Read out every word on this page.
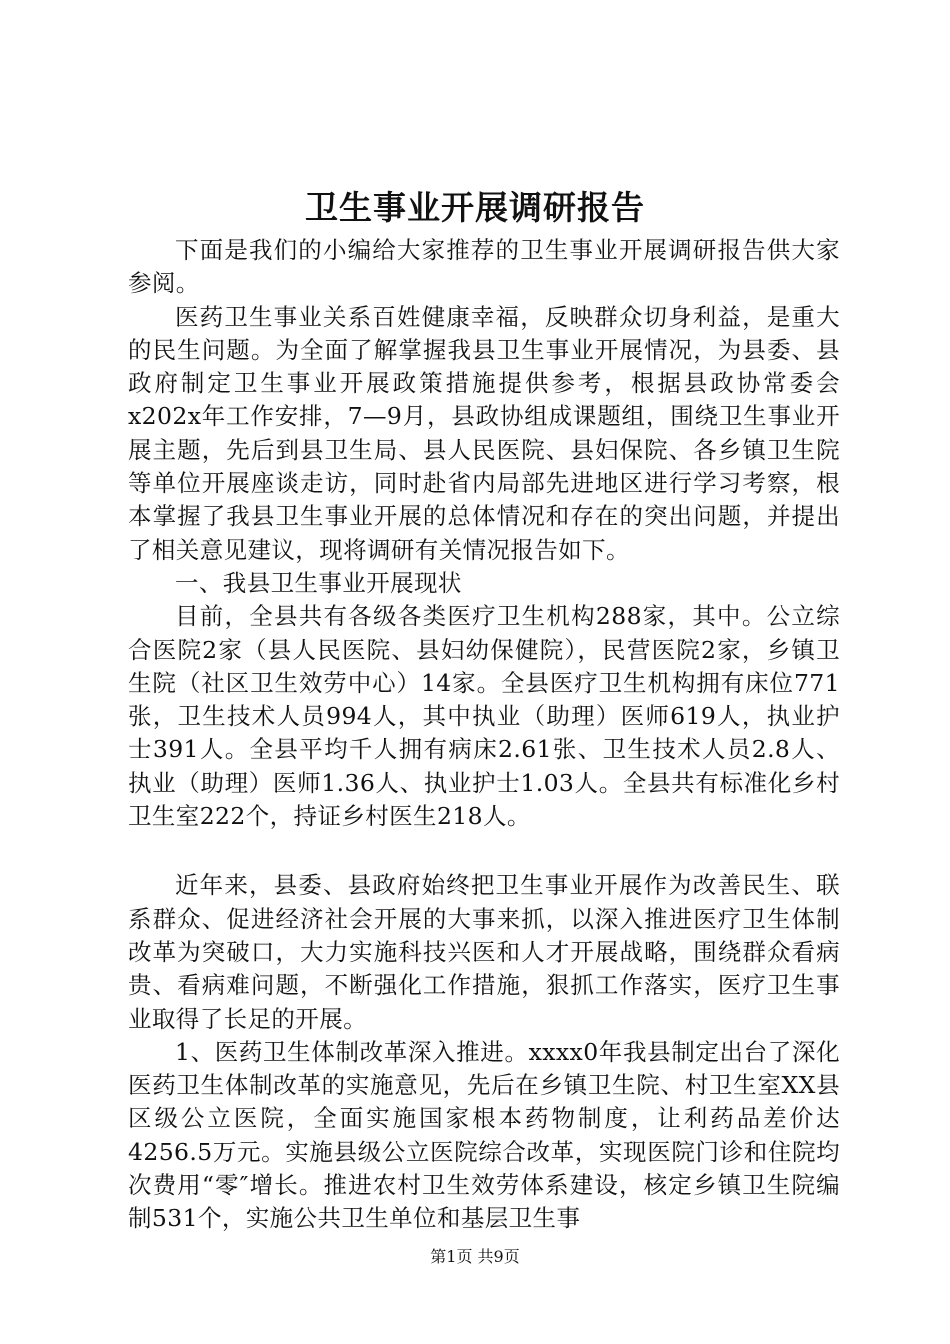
卫生事业开展调研报告

下面是我们的小编给大家推荐的卫生事业开展调研报告供大家参阅。

医药卫生事业关系百姓健康幸福，反映群众切身利益，是重大的民生问题。为全面了解掌握我县卫生事业开展情况，为县委、县政府制定卫生事业开展政策措施提供参考，根据县政协常委会x202x年工作安排，7—9月，县政协组成课题组，围绕卫生事业开展主题，先后到县卫生局、县人民医院、县妇保院、各乡镇卫生院等单位开展座谈走访，同时赴省内局部先进地区进行学习考察，根本掌握了我县卫生事业开展的总体情况和存在的突出问题，并提出了相关意见建议，现将调研有关情况报告如下。

一、我县卫生事业开展现状

目前，全县共有各级各类医疗卫生机构288家，其中。公立综合医院2家（县人民医院、县妇幼保健院），民营医院2家，乡镇卫生院（社区卫生效劳中心）14家。全县医疗卫生机构拥有床位771张，卫生技术人员994人，其中执业（助理）医师619人，执业护士391人。全县平均千人拥有病床2.61张、卫生技术人员2.8人、执业（助理）医师1.36人、执业护士1.03人。全县共有标准化乡村卫生室222个，持证乡村医生218人。

近年来，县委、县政府始终把卫生事业开展作为改善民生、联系群众、促进经济社会开展的大事来抓，以深入推进医疗卫生体制改革为突破口，大力实施科技兴医和人才开展战略，围绕群众看病贵、看病难问题，不断强化工作措施，狠抓工作落实，医疗卫生事业取得了长足的开展。

1、医药卫生体制改革深入推进。xxxx0年我县制定出台了深化医药卫生体制改革的实施意见，先后在乡镇卫生院、村卫生室XX县区级公立医院，全面实施国家根本药物制度，让利药品差价达4256.5万元。实施县级公立医院综合改革，实现医院门诊和住院均次费用“零″增长。推进农村卫生效劳体系建设，核定乡镇卫生院编制531个，实施公共卫生单位和基层卫生事

第1页 共9页
